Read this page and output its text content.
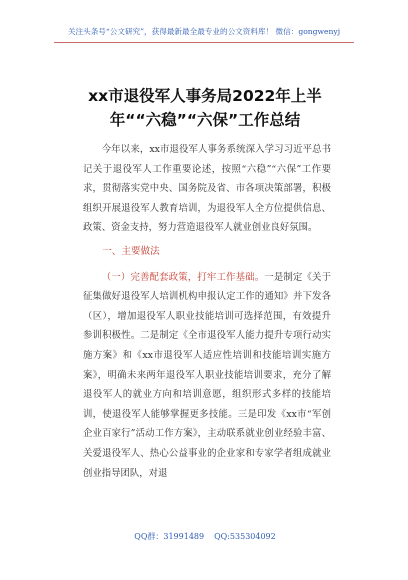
关注头条号“公文研究”，获得最新最全最专业的公文资料库！ 微信：gongwenyj
xx市退役军人事务局2022年上半年““六稳”“六保”工作总结

今年以来，xx市退役军人事务系统深入学习习近平总书记关于退役军人工作重要论述，按照“六稳”“六保”工作要求，贯彻落实党中央、国务院及省、市各项决策部署，积极组织开展退役军人教育培训，为退役军人全方位提供信息、政策、资金支持，努力营造退役军人就业创业良好氛围。

一、主要做法

（一）完善配套政策，打牢工作基础。一是制定《关于征集做好退役军人培训机构申报认定工作的通知》并下发各（区），增加退役军人职业技能培训可选择范围，有效提升参训积极性。二是制定《全市退役军人能力提升专项行动实施方案》和《xx市退役军人适应性培训和技能培训实施方案》，明确未来两年退役军人职业技能培训要求，充分了解退役军人的就业方向和培训意愿，组织形式多样的技能培训，使退役军人能够掌握更多技能。三是印发《xx市“军创企业百家行”活动工作方案》，主动联系就业创业经验丰富、关爱退役军人、热心公益事业的企业家和专家学者组成就业创业指导团队，对退

QQ群：31991489 QQ:535304092
